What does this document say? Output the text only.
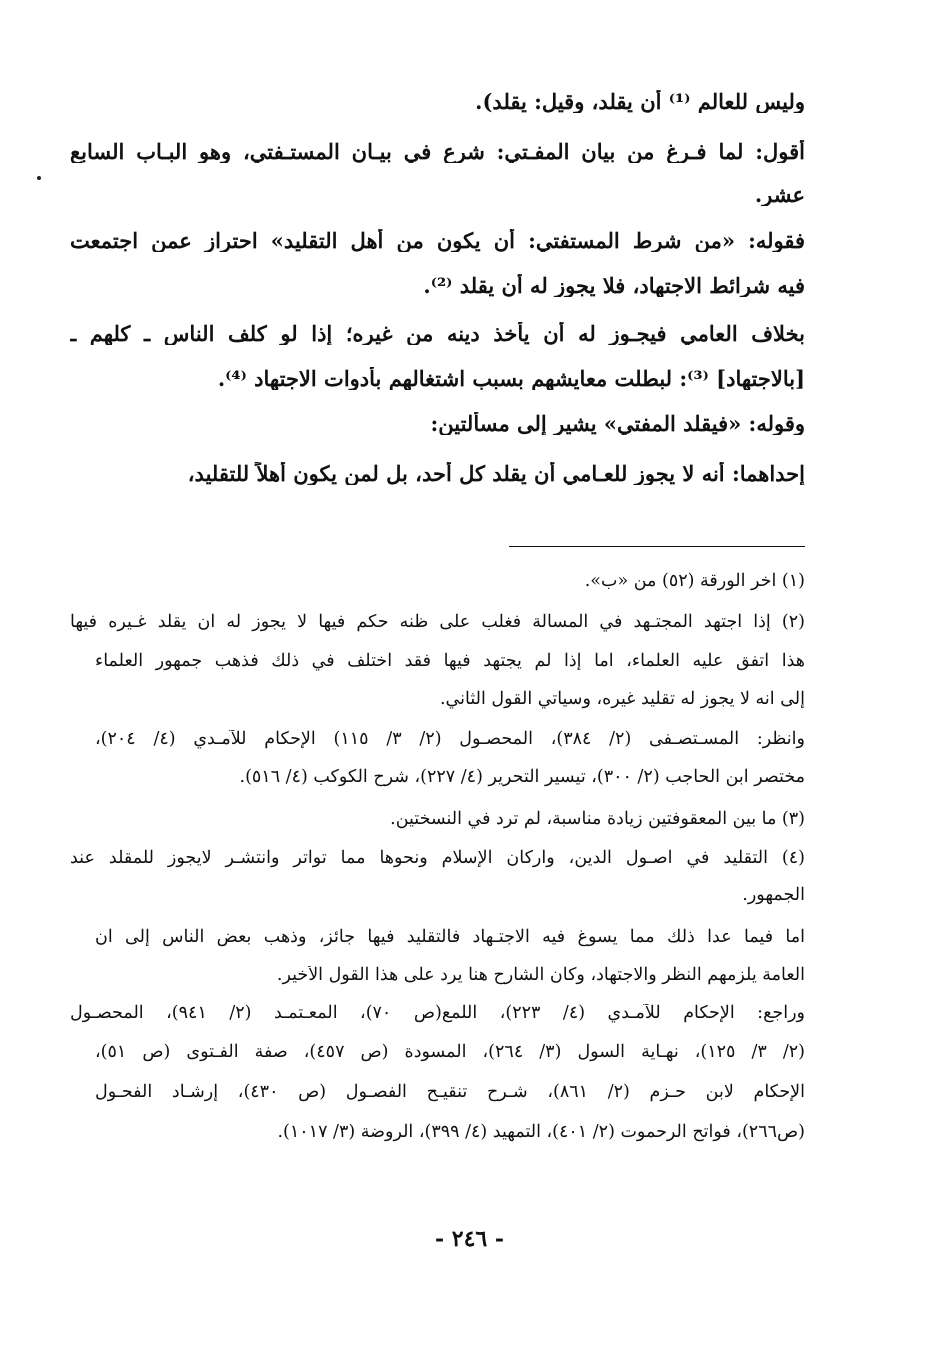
وليس للعالم ⁽¹⁾ أن يقلد، وقيل: يقلد).
أقول: لما فـرغ من بيان المفـتي: شرع في بيـان المستـفتي، وهو البـاب السابع
عشر.
فقوله: «من شرط المستفتي: أن يكون من أهل التقليد» احتراز عمن اجتمعت
فيه شرائط الاجتهاد، فلا يجوز له أن يقلد ⁽²⁾.
بخلاف العامي فيجـوز له أن يأخذ دينه من غيره؛ إذا لو كلف الناس ـ كلهم ـ
[بالاجتهاد] ⁽³⁾: لبطلت معايشهم بسبب اشتغالهم بأدوات الاجتهاد ⁽⁴⁾.
وقوله: «فيقلد المفتي» يشير إلى مسألتين:
إحداهما: أنه لا يجوز للعـامي أن يقلد كل أحد، بل لمن يكون أهلاً للتقليد،
(١) آخر الورقة (٥٢) من «ب».
(٢) إذا اجتهد المجتـهد في المسألة فغلب على ظنه حكم فيها لا يجوز له أن يقلد غـيره فيها
هذا اتفق عليه العلماء، أما إذا لم يجتهد فيها فقد اختلف في ذلك فذهب جمهور العلماء
إلى أنه لا يجوز له تقليد غيره، وسيأتي القول الثاني.
وانظر: المسـتصـفى (٢/ ٣٨٤)، المحصـول (٢/ ٣/ ١١٥) الإحكام للآمـدي (٤/ ٢٠٤)،
مختصر ابن الحاجب (٢/ ٣٠٠)، تيسير التحرير (٤/ ٢٢٧)، شرح الكوكب (٤/ ٥١٦).
(٣) ما بين المعقوفتين زيادة مناسبة، لم ترد في النسختين.
(٤) التقليد في أصـول الدين، وأركان الإسلام ونحوها مما تواتر وانتشـر لايجوز للمقلد عند
الجمهور.
أما فيما عدا ذلك مما يسوغ فيه الاجتـهاد فالتقليد فيها جائز، وذهب بعض الناس إلى أن
العامة يلزمهم النظر والاجتهاد، وكأن الشارح هنا يرد على هذا القول الأخير.
وراجع: الإحكام للآمـدي (٤/ ٢٢٣)، اللمع(ص ٧٠)، المعـتمـد (٢/ ٩٤١)، المحصـول
(٢/ ٣/ ١٢٥)، نهـاية السول (٣/ ٢٦٤)، المسودة (ص ٤٥٧)، صفة الفـتوى (ص ٥١)،
الإحكام لابن حـزم (٢/ ٨٦١)، شـرح تنقيـح الفصـول (ص ٤٣٠)، إرشـاد الفحـول
(ص٢٦٦)، فواتح الرحموت (٢/ ٤٠١)، التمهيد (٤/ ٣٩٩)، الروضة (٣/ ١٠١٧).
- ٢٤٦ -
